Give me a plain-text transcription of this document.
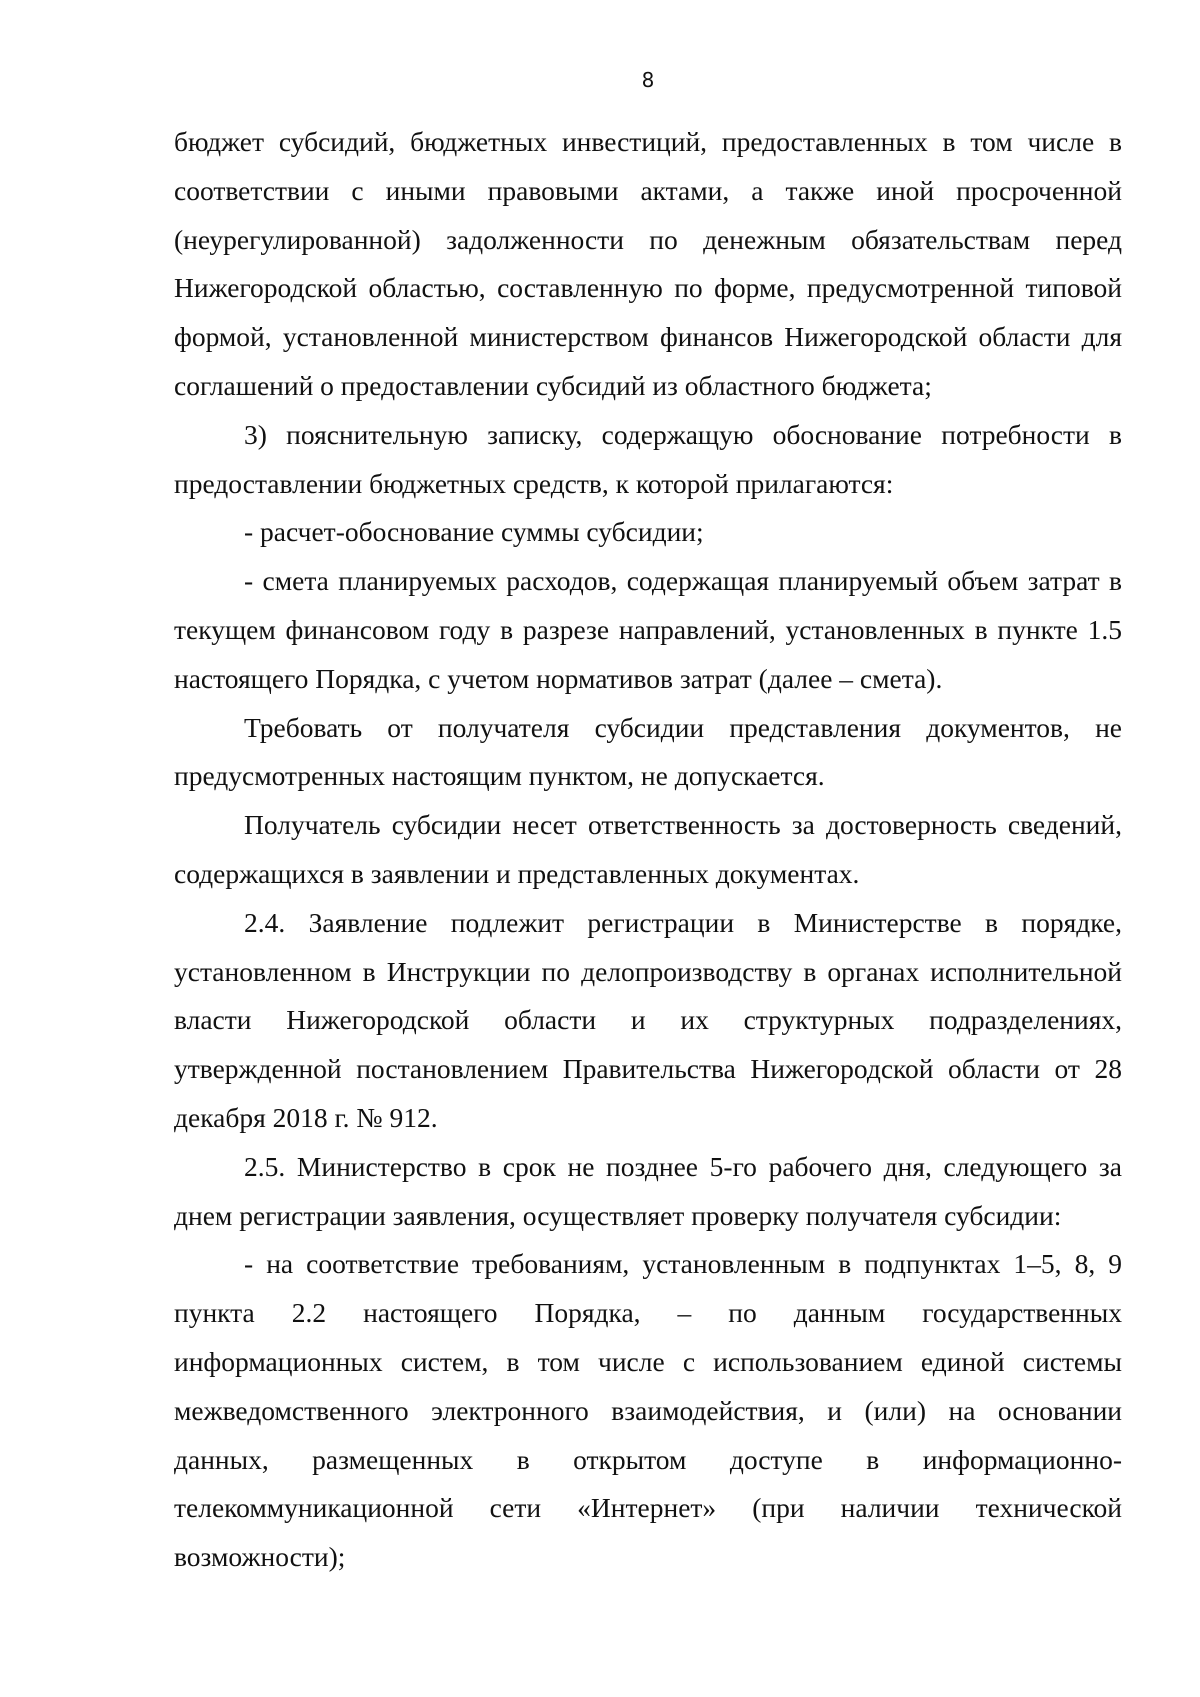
8

бюджет субсидий, бюджетных инвестиций, предоставленных в том числе в соответствии с иными правовыми актами, а также иной просроченной (неурегулированной) задолженности по денежным обязательствам перед Нижегородской областью, составленную по форме, предусмотренной типовой формой, установленной министерством финансов Нижегородской области для соглашений о предоставлении субсидий из областного бюджета;

3) пояснительную записку, содержащую обоснование потребности в предоставлении бюджетных средств, к которой прилагаются:

- расчет-обоснование суммы субсидии;

- смета планируемых расходов, содержащая планируемый объем затрат в текущем финансовом году в разрезе направлений, установленных в пункте 1.5 настоящего Порядка, с учетом нормативов затрат (далее – смета).

Требовать от получателя субсидии представления документов, не предусмотренных настоящим пунктом, не допускается.

Получатель субсидии несет ответственность за достоверность сведений, содержащихся в заявлении и представленных документах.

2.4. Заявление подлежит регистрации в Министерстве в порядке, установленном в Инструкции по делопроизводству в органах исполнительной власти Нижегородской области и их структурных подразделениях, утвержденной постановлением Правительства Нижегородской области от 28 декабря 2018 г. № 912.

2.5. Министерство в срок не позднее 5-го рабочего дня, следующего за днем регистрации заявления, осуществляет проверку получателя субсидии:

- на соответствие требованиям, установленным в подпунктах 1–5, 8, 9 пункта 2.2 настоящего Порядка, – по данным государственных информационных систем, в том числе с использованием единой системы межведомственного электронного взаимодействия, и (или) на основании данных, размещенных в открытом доступе в информационно-телекоммуникационной сети «Интернет» (при наличии технической возможности);
